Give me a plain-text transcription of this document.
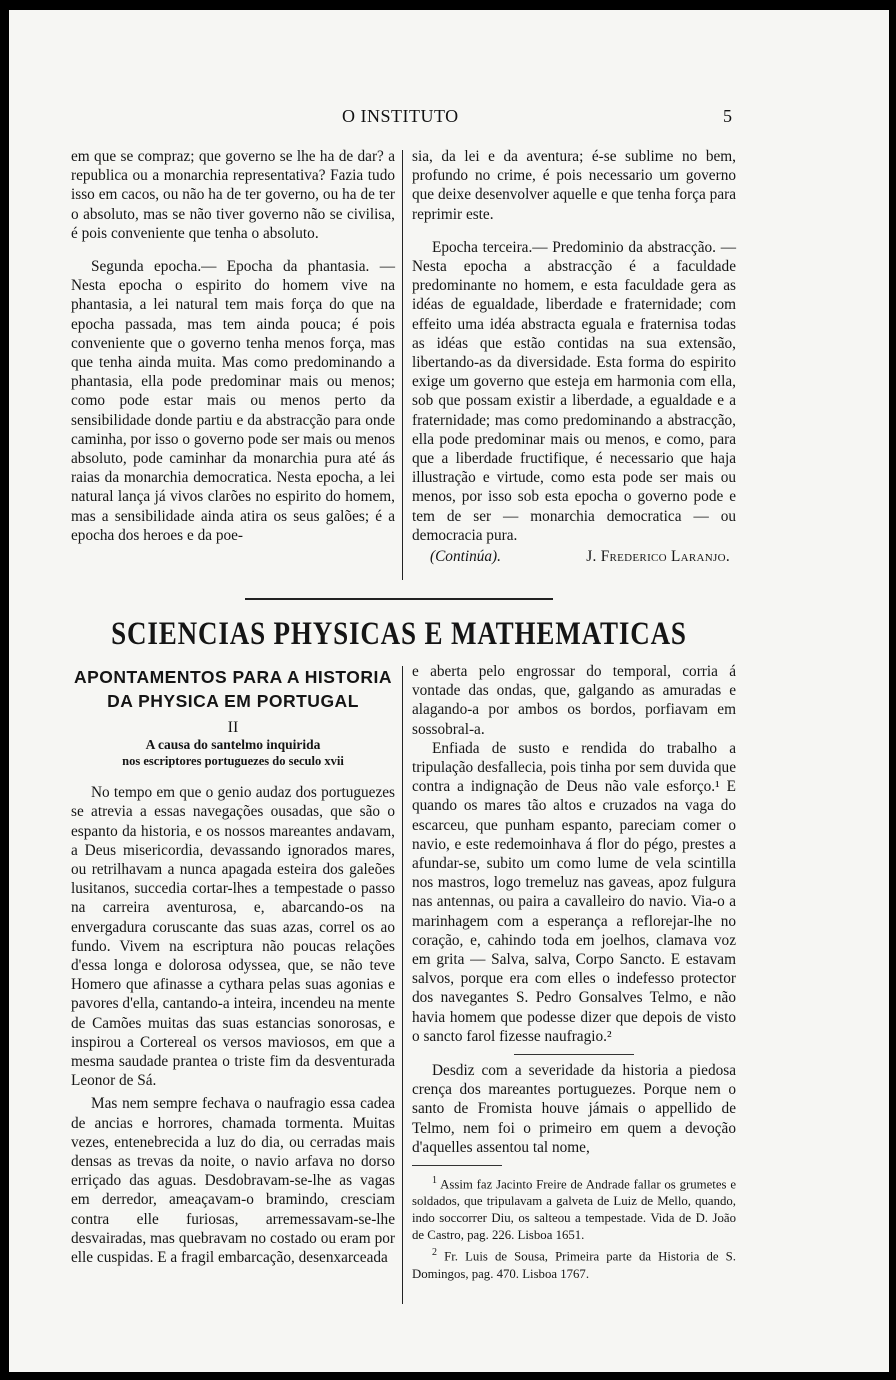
O INSTITUTO	5

em que se compraz; que governo se lhe ha de dar? a republica ou a monarchia representativa? Fazia tudo isso em cacos, ou não ha de ter governo, ou ha de ter o absoluto, mas se não tiver governo não se civilisa, é pois conveniente que tenha o absoluto.

Segunda epocha.— Epocha da phantasia. — Nesta epocha o espirito do homem vive na phantasia, a lei natural tem mais força do que na epocha passada, mas tem ainda pouca; é pois conveniente que o governo tenha menos força, mas que tenha ainda muita. Mas como predominando a phantasia, ella pode predominar mais ou menos; como pode estar mais ou menos perto da sensibilidade donde partiu e da abstracção para onde caminha, por isso o governo pode ser mais ou menos absoluto, pode caminhar da monarchia pura até ás raias da monarchia democratica. Nesta epocha, a lei natural lança já vivos clarões no espirito do homem, mas a sensibilidade ainda atira os seus galões; é a epocha dos heroes e da poe-

sia, da lei e da aventura; é-se sublime no bem, profundo no crime, é pois necessario um governo que deixe desenvolver aquelle e que tenha força para reprimir este.

Epocha terceira.— Predominio da abstracção. — Nesta epocha a abstracção é a faculdade predominante no homem, e esta faculdade gera as idéas de egualdade, liberdade e fraternidade; com effeito uma idéa abstracta eguala e fraternisa todas as idéas que estão contidas na sua extensão, libertando-as da diversidade. Esta forma do espirito exige um governo que esteja em harmonia com ella, sob que possam existir a liberdade, a egualdade e a fraternidade; mas como predominando a abstracção, ella pode predominar mais ou menos, e como, para que a liberdade fructifique, é necessario que haja illustração e virtude, como esta pode ser mais ou menos, por isso sob esta epocha o governo pode e tem de ser — monarchia democratica — ou democracia pura.

(Continúa).	J. Frederico Laranjo.
SCIENCIAS PHYSICAS E MATHEMATICAS
APONTAMENTOS PARA A HISTORIA
DA PHYSICA EM PORTUGAL
II
A causa do santelmo inquirida
nos escriptores portuguezes do seculo xvii

No tempo em que o genio audaz dos portuguezes se atrevia a essas navegações ousadas, que são o espanto da historia, e os nossos mareantes andavam, a Deus misericordia, devassando ignorados mares, ou retrilhavam a nunca apagada esteira dos galeões lusitanos, succedia cortar-lhes a tempestade o passo na carreira aventurosa, e, abarcando-os na envergadura coruscante das suas azas, correl os ao fundo. Vivem na escriptura não poucas relações d'essa longa e dolorosa odyssea, que, se não teve Homero que afinasse a cythara pelas suas agonias e pavores d'ella, cantando-a inteira, incendeu na mente de Camões muitas das suas estancias sonorosas, e inspirou a Cortereal os versos maviosos, em que a mesma saudade prantea o triste fim da desventurada Leonor de Sá.

Mas nem sempre fechava o naufragio essa cadea de ancias e horrores, chamada tormenta. Muitas vezes, entenebrecida a luz do dia, ou cerradas mais densas as trevas da noite, o navio arfava no dorso erriçado das aguas. Desdobravam-se-lhe as vagas em derredor, ameaçavam-o bramindo, cresciam contra elle furiosas, arremessavam-se-lhe desvairadas, mas quebravam no costado ou eram por elle cuspidas. E a fragil embarcação, desenxarceada

e aberta pelo engrossar do temporal, corria á vontade das ondas, que, galgando as amuradas e alagando-a por ambos os bordos, porfiavam em sossobral-a.

Enfiada de susto e rendida do trabalho a tripulação desfallecia, pois tinha por sem duvida que contra a indignação de Deus não vale esforço.¹ E quando os mares tão altos e cruzados na vaga do escarceu, que punham espanto, pareciam comer o navio, e este redemoinhava á flor do pégo, prestes a afundar-se, subito um como lume de vela scintilla nos mastros, logo tremeluz nas gaveas, apoz fulgura nas antennas, ou paira a cavalleiro do navio. Via-o a marinhagem com a esperança a reflorejar-lhe no coração, e, cahindo toda em joelhos, clamava voz em grita — Salva, salva, Corpo Sancto. E estavam salvos, porque era com elles o indefesso protector dos navegantes S. Pedro Gonsalves Telmo, e não havia homem que podesse dizer que depois de visto o sancto farol fizesse naufragio.²

Desdiz com a severidade da historia a piedosa crença dos mareantes portuguezes. Porque nem o santo de Fromista houve jámais o appellido de Telmo, nem foi o primeiro em quem a devoção d'aquelles assentou tal nome,

$^1$ Assim faz Jacinto Freire de Andrade fallar os grumetes e soldados, que tripulavam a galveta de Luiz de Mello, quando, indo soccorrer Diu, os salteou a tempestade. Vida de D. João de Castro, pag. 226. Lisboa 1651.

$^2$ Fr. Luis de Sousa, Primeira parte da Historia de S. Domingos, pag. 470. Lisboa 1767.
